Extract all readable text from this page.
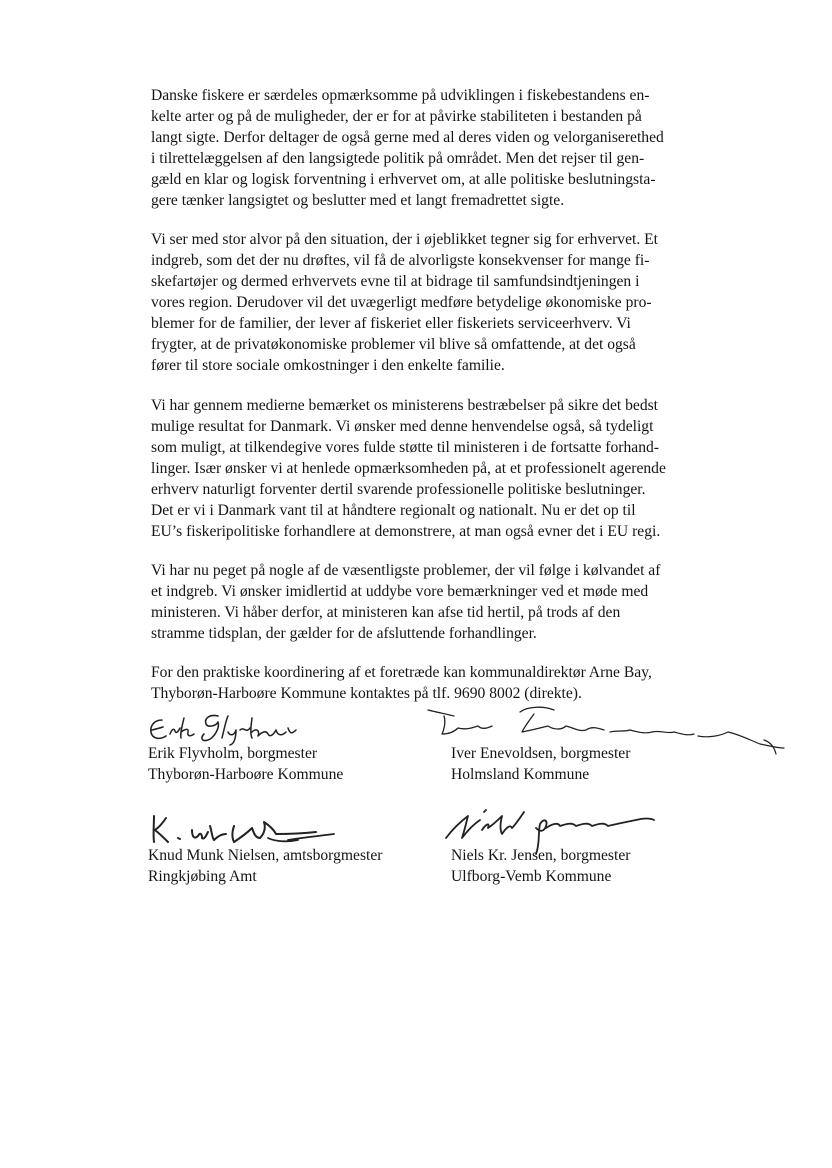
Danske fiskere er særdeles opmærksomme på udviklingen i fiskebestandens en-
kelte arter og på de muligheder, der er for at påvirke stabiliteten i bestanden på
langt sigte. Derfor deltager de også gerne med al deres viden og velorganiserethed
i tilrettelæggelsen af den langsigtede politik på området. Men det rejser til gen-
gæld en klar og logisk forventning i erhvervet om, at alle politiske beslutningsta-
gere tænker langsigtet og beslutter med et langt fremadrettet sigte.
Vi ser med stor alvor på den situation, der i øjeblikket tegner sig for erhvervet. Et
indgreb, som det der nu drøftes, vil få de alvorligste konsekvenser for mange fi-
skefartøjer og dermed erhvervets evne til at bidrage til samfundsindtjeningen i
vores region. Derudover vil det uvægerligt medføre betydelige økonomiske pro-
blemer for de familier, der lever af fiskeriet eller fiskeriets serviceerhverv. Vi
frygter, at de privatøkonomiske problemer vil blive så omfattende, at det også
fører til store sociale omkostninger i den enkelte familie.
Vi har gennem medierne bemærket os ministerens bestræbelser på sikre det bedst
mulige resultat for Danmark. Vi ønsker med denne henvendelse også, så tydeligt
som muligt, at tilkendegive vores fulde støtte til ministeren i de fortsatte forhand-
linger. Især ønsker vi at henlede opmærksomheden på, at et professionelt agerende
erhverv naturligt forventer dertil svarende professionelle politiske beslutninger.
Det er vi i Danmark vant til at håndtere regionalt og nationalt. Nu er det op til
EU’s fiskeripolitiske forhandlere at demonstrere, at man også evner det i EU regi.
Vi har nu peget på nogle af de væsentligste problemer, der vil følge i kølvandet af
et indgreb. Vi ønsker imidlertid at uddybe vore bemærkninger ved et møde med
ministeren. Vi håber derfor, at ministeren kan afse tid hertil, på trods af den
stramme tidsplan, der gælder for de afsluttende forhandlinger.
For den praktiske koordinering af et foretræde kan kommunaldirektør Arne Bay,
Thyborøn-Harboøre Kommune kontaktes på tlf. 9690 8002 (direkte).
Erik Flyvholm, borgmester
Thyborøn-Harboøre Kommune
Iver Enevoldsen, borgmester
Holmsland Kommune
Knud Munk Nielsen, amtsborgmester
Ringkjøbing Amt
Niels Kr. Jensen, borgmester
Ulfborg-Vemb Kommune
